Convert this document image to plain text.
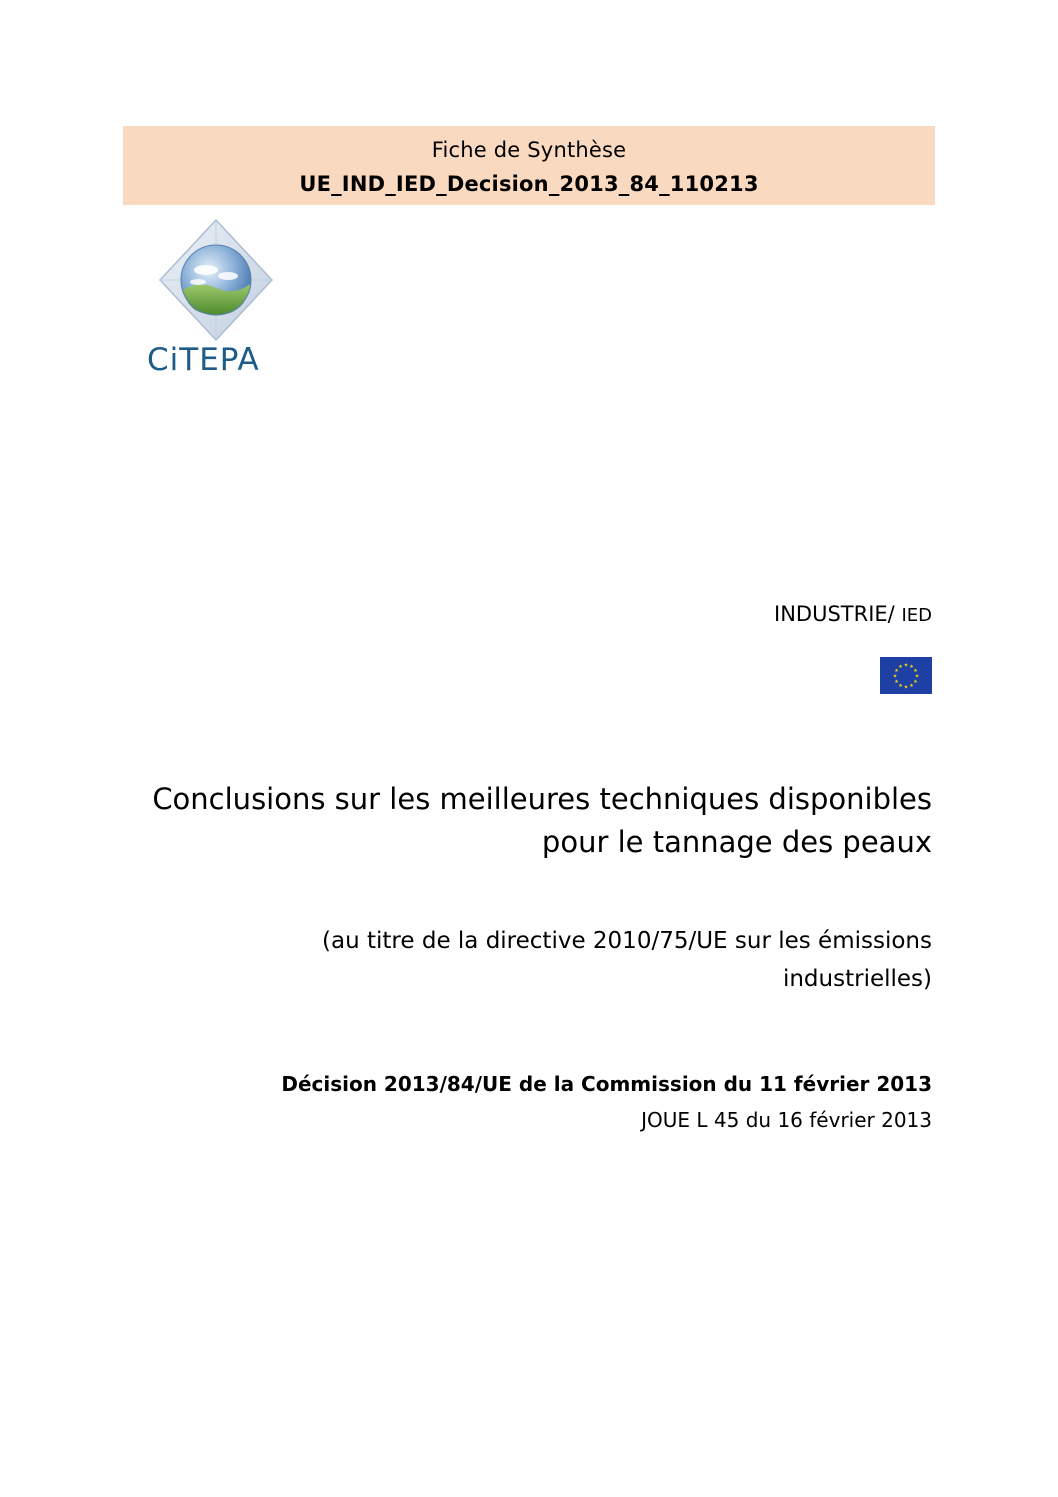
Fiche de Synthèse
UE_IND_IED_Decision_2013_84_110213
CiTEPA
INDUSTRIE/ IED
★ ★
★
★
★
★
★
★
★
★
★
★
Conclusions sur les meilleures techniques disponibles
pour le tannage des peaux
(au titre de la directive 2010/75/UE sur les émissions
industrielles)
Décision 2013/84/UE de la Commission du 11 février 2013
JOUE L 45 du 16 février 2013
